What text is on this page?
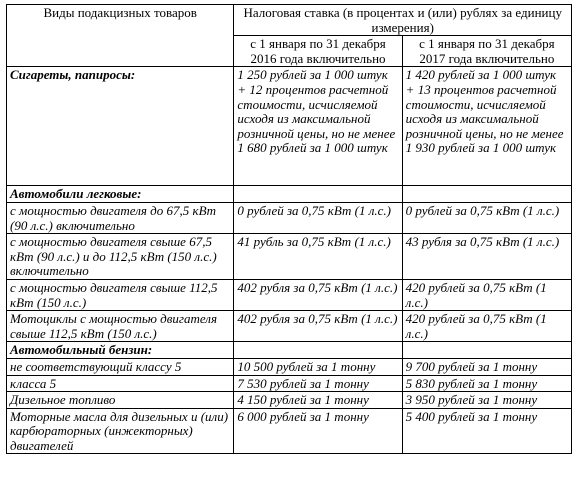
Виды подакцизных товаров	Налоговая ставка (в процентах и (или) рублях за единицу измерения)	
	с 1 января по 31 декабря 2016 года включительно	с 1 января по 31 декабря 2017 года включительно
Сигареты, папиросы:	1 250 рублей за 1 000 штук + 12 процентов расчетной стоимости, исчисляемой исходя из максимальной розничной цены, но не менее 1 680 рублей за 1 000 штук	1 420 рублей за 1 000 штук + 13 процентов расчетной стоимости, исчисляемой исходя из максимальной розничной цены, но не менее 1 930 рублей за 1 000 штук
Автомобили легковые:		
с мощностью двигателя до 67,5 кВт (90 л.с.) включительно	0 рублей за 0,75 кВт (1 л.с.)	0 рублей за 0,75 кВт (1 л.с.)
с мощностью двигателя свыше 67,5 кВт (90 л.с.) и до 112,5 кВт (150 л.с.) включительно	41 рубль за 0,75 кВт (1 л.с.)	43 рубля за 0,75 кВт (1 л.с.)
с мощностью двигателя свыше 112,5 кВт (150 л.с.)	402 рубля за 0,75 кВт (1 л.с.)	420 рублей за 0,75 кВт (1 л.с.)
Мотоциклы с мощностью двигателя свыше 112,5 кВт (150 л.с.)	402 рубля за 0,75 кВт (1 л.с.)	420 рублей за 0,75 кВт (1 л.с.)
Автомобильный бензин:		
не соответствующий классу 5	10 500 рублей за 1 тонну	9 700 рублей за 1 тонну
класса 5	7 530 рублей за 1 тонну	5 830 рублей за 1 тонну
Дизельное топливо	4 150 рублей за 1 тонну	3 950 рублей за 1 тонну
Моторные масла для дизельных и (или) карбюраторных (инжекторных) двигателей	6 000 рублей за 1 тонну	5 400 рублей за 1 тонну
